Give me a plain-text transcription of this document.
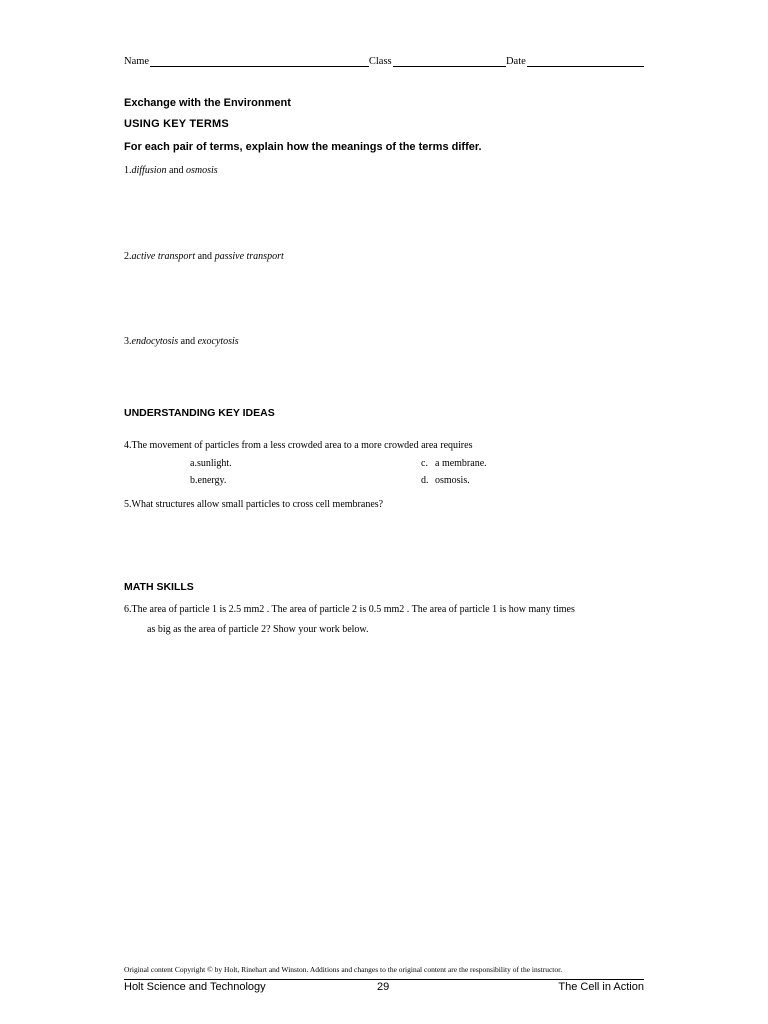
Name	Class	Date
Exchange with the Environment
USING KEY TERMS
For each pair of terms, explain how the meanings of the terms differ.
1.diffusion and osmosis
2.active transport and passive transport
3.endocytosis and exocytosis
UNDERSTANDING KEY IDEAS
4.The movement of particles from a less crowded area to a more crowded area requires
a.sunlight.
b.energy.
c. a membrane.
d. osmosis.
5.What structures allow small particles to cross cell membranes?
MATH SKILLS
6.The area of particle 1 is 2.5 mm2 . The area of particle 2 is 0.5 mm2 . The area of particle 1 is how many times
as big as the area of particle 2? Show your work below.
Original content Copyright © by Holt, Rinehart and Winston. Additions and changes to the original content are the responsibility of the instructor.
Holt Science and Technology	29	The Cell in Action
